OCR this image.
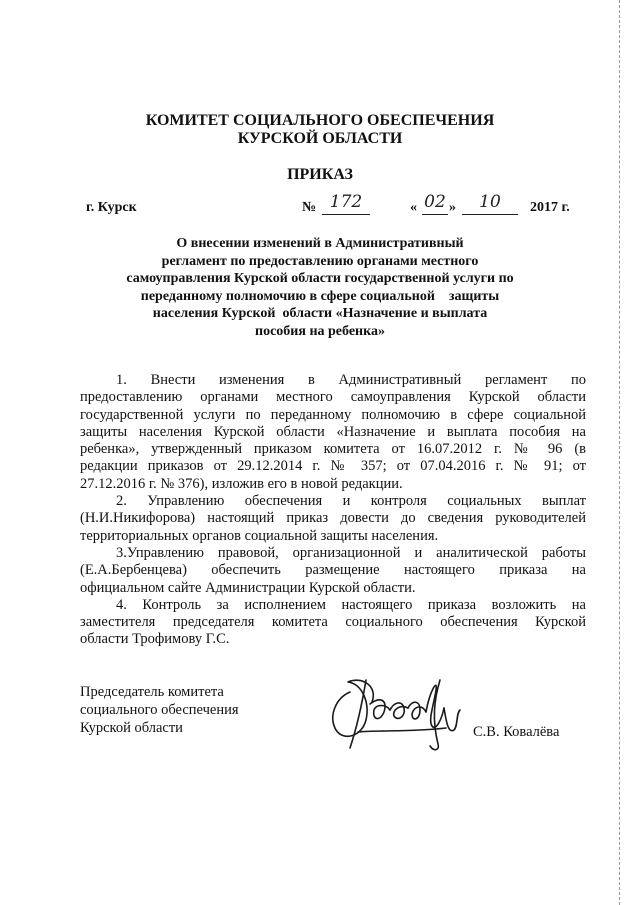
КОМИТЕТ СОЦИАЛЬНОГО ОБЕСПЕЧЕНИЯ
КУРСКОЙ ОБЛАСТИ
ПРИКАЗ
г. Курск	№ 172	« 02 »	10	2017 г.
О внесении изменений в Административный
регламент по предоставлению органами местного
самоуправления Курской области государственной услуги по
переданному полномочию в сфере социальной    защиты
населения Курской  области «Назначение и выплата
пособия на ребенка»
1. Внести изменения в Административный регламент по
предоставлению органами местного самоуправления Курской области
государственной услуги по переданному полномочию в сфере социальной
защиты населения Курской области «Назначение и выплата пособия на
ребенка», утвержденный приказом комитета от 16.07.2012 г. № 96 (в
редакции приказов от 29.12.2014 г. № 357; от 07.04.2016 г. № 91; от
27.12.2016 г. № 376), изложив его в новой редакции.
2. Управлению обеспечения и контроля социальных выплат
(Н.И.Никифорова) настоящий приказ довести до сведения руководителей
территориальных органов социальной защиты населения.
3.Управлению правовой, организационной и аналитической работы
(Е.А.Бербенцева) обеспечить размещение настоящего приказа на
официальном сайте Администрации Курской области.
4. Контроль за исполнением настоящего приказа возложить на
заместителя председателя комитета социального обеспечения Курской
области Трофимову Г.С.
Председатель комитета
социального обеспечения
Курской области	С.В. Ковалёва
